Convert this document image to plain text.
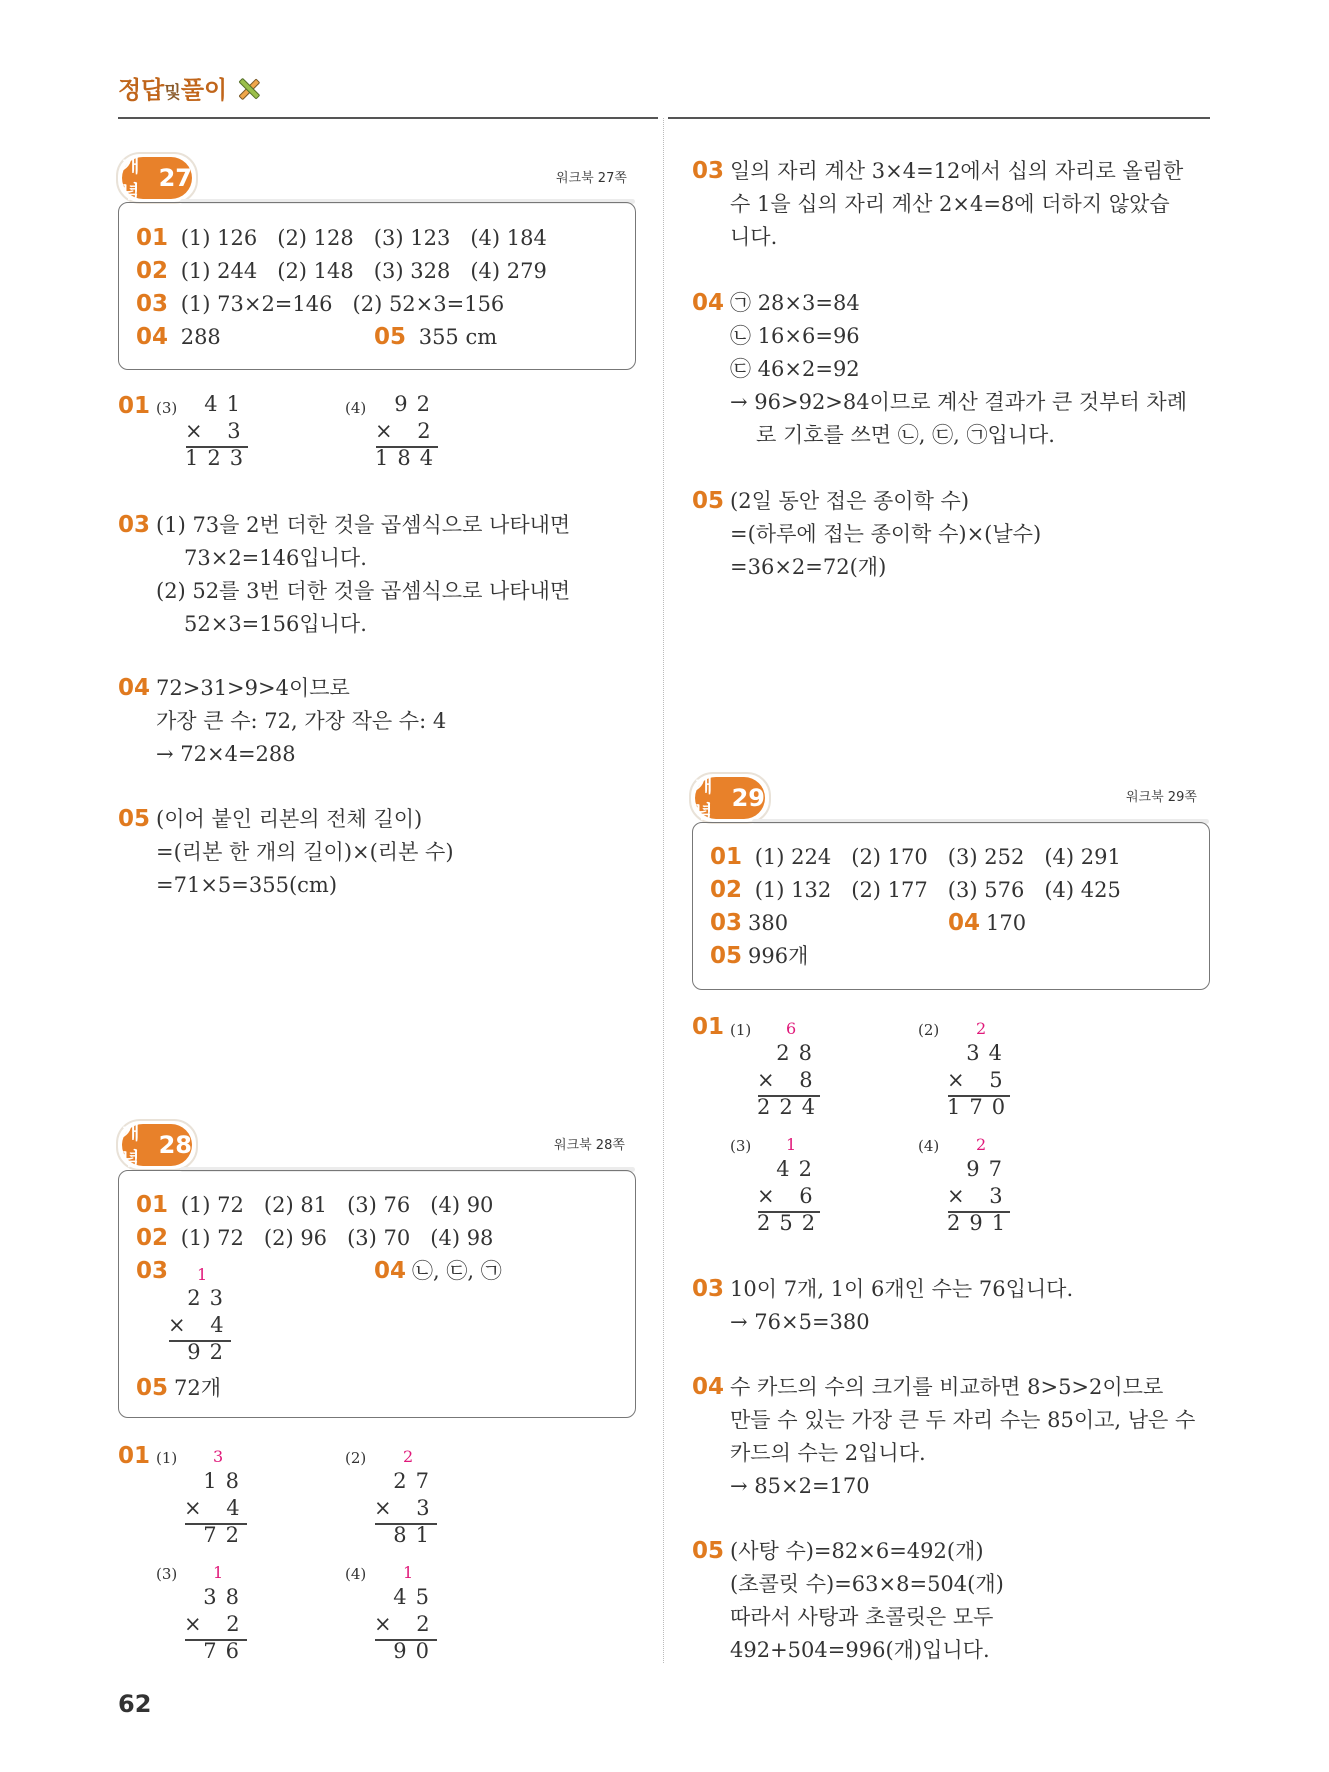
정답및풀이
개념
27	워크북 27쪽
01 (1) 126 (2) 128 (3) 123 (4) 184
02 (1) 244 (2) 148 (3) 328 (4) 279
03 (1) 73×2=146 (2) 52×3=156
04 288	05 355 cm
01 (3)	41
× 3
123
(4)	92
× 2
184
03 (1) 73을 2번 더한 것을 곱셈식으로 나타내면
73×2=146입니다.
(2) 52를 3번 더한 것을 곱셈식으로 나타내면
52×3=156입니다.
04 72>31>9>4이므로
가장 큰 수: 72, 가장 작은 수: 4
→ 72×4=288
05 (이어 붙인 리본의 전체 길이)
=(리본 한 개의 길이)×(리본 수)
=71×5=355(cm)
개념
28	워크북 28쪽
01 (1) 72 (2) 81 (3) 76 (4) 90
02 (1) 72 (2) 96 (3) 70 (4) 98
03	1
23
× 4
92
04 ㉡, ㉢, ㉠
05 72개
01 (1) 3
18
× 4
72
(2) 2
27
× 3
81
(3) 1
38
× 2
76
(4) 1
45
× 2
90
03 일의 자리 계산 3×4=12에서 십의 자리로 올림한
수 1을 십의 자리 계산 2×4=8에 더하지 않았습
니다.
04 ㉠ 28×3=84
㉡ 16×6=96
㉢ 46×2=92
→ 96>92>84이므로 계산 결과가 큰 것부터 차례
로 기호를 쓰면 ㉡, ㉢, ㉠입니다.
05 (2일 동안 접은 종이학 수)
=(하루에 접는 종이학 수)×(날수)
=36×2=72(개)
개념
29	워크북 29쪽
01 (1) 224 (2) 170 (3) 252 (4) 291
02 (1) 132 (2) 177 (3) 576 (4) 425
03 380	04 170
05 996개
01 (1) 6
28
× 8
224
(2) 2
34
× 5
170
(3) 1
42
× 6
252
(4) 2
97
× 3
291
03 10이 7개, 1이 6개인 수는 76입니다.
→ 76×5=380
04 수 카드의 수의 크기를 비교하면 8>5>2이므로
만들 수 있는 가장 큰 두 자리 수는 85이고, 남은 수
카드의 수는 2입니다.
→ 85×2=170
05 (사탕 수)=82×6=492(개)
(초콜릿 수)=63×8=504(개)
따라서 사탕과 초콜릿은 모두
492+504=996(개)입니다.
62
